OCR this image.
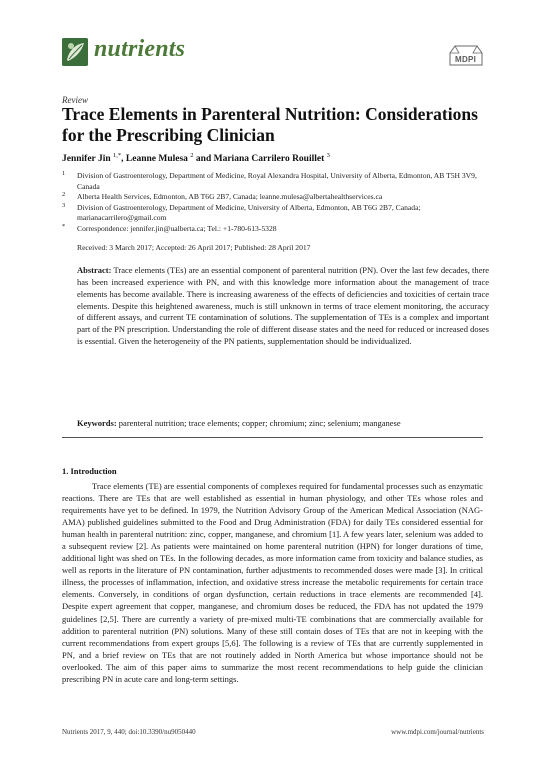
nutrients	MDPI
Review
Trace Elements in Parenteral Nutrition: Considerations for the Prescribing Clinician
Jennifer Jin $^{1,*}$, Leanne Mulesa $^2$ and Mariana Carrilero Rouillet $^3$
1 Division of Gastroenterology, Department of Medicine, Royal Alexandra Hospital, University of Alberta, Edmonton, AB T5H 3V9, Canada
2 Alberta Health Services, Edmonton, AB T6G 2B7, Canada; leanne.mulesa@albertahealthservices.ca
3 Division of Gastroenterology, Department of Medicine, University of Alberta, Edmonton, AB T6G 2B7, Canada; marianacarrilero@gmail.com
* Correspondence: jennifer.jin@ualberta.ca; Tel.: +1-780-613-5328
Received: 3 March 2017; Accepted: 26 April 2017; Published: 28 April 2017

Abstract: Trace elements (TEs) are an essential component of parenteral nutrition (PN). Over the last few decades, there has been increased experience with PN, and with this knowledge more information about the management of trace elements has become available. There is increasing awareness of the effects of deficiencies and toxicities of certain trace elements. Despite this heightened awareness, much is still unknown in terms of trace element monitoring, the accuracy of different assays, and current TE contamination of solutions. The supplementation of TEs is a complex and important part of the PN prescription. Understanding the role of different disease states and the need for reduced or increased doses is essential. Given the heterogeneity of the PN patients, supplementation should be individualized.

Keywords: parenteral nutrition; trace elements; copper; chromium; zinc; selenium; manganese
1. Introduction

Trace elements (TE) are essential components of complexes required for fundamental processes such as enzymatic reactions. There are TEs that are well established as essential in human physiology, and other TEs whose roles and requirements have yet to be defined. In 1979, the Nutrition Advisory Group of the American Medical Association (NAG-AMA) published guidelines submitted to the Food and Drug Administration (FDA) for daily TEs considered essential for human health in parenteral nutrition: zinc, copper, manganese, and chromium [1]. A few years later, selenium was added to a subsequent review [2]. As patients were maintained on home parenteral nutrition (HPN) for longer durations of time, additional light was shed on TEs. In the following decades, as more information came from toxicity and balance studies, as well as reports in the literature of PN contamination, further adjustments to recommended doses were made [3]. In critical illness, the processes of inflammation, infection, and oxidative stress increase the metabolic requirements for certain trace elements. Conversely, in conditions of organ dysfunction, certain reductions in trace elements are recommended [4]. Despite expert agreement that copper, manganese, and chromium doses be reduced, the FDA has not updated the 1979 guidelines [2,5]. There are currently a variety of pre-mixed multi-TE combinations that are commercially available for addition to parenteral nutrition (PN) solutions. Many of these still contain doses of TEs that are not in keeping with the current recommendations from expert groups [5,6]. The following is a review of TEs that are currently supplemented in PN, and a brief review on TEs that are not routinely added in North America but whose importance should not be overlooked. The aim of this paper aims to summarize the most recent recommendations to help guide the clinician prescribing PN in acute care and long-term settings.

Nutrients 2017, 9, 440; doi:10.3390/nu9050440	www.mdpi.com/journal/nutrients
